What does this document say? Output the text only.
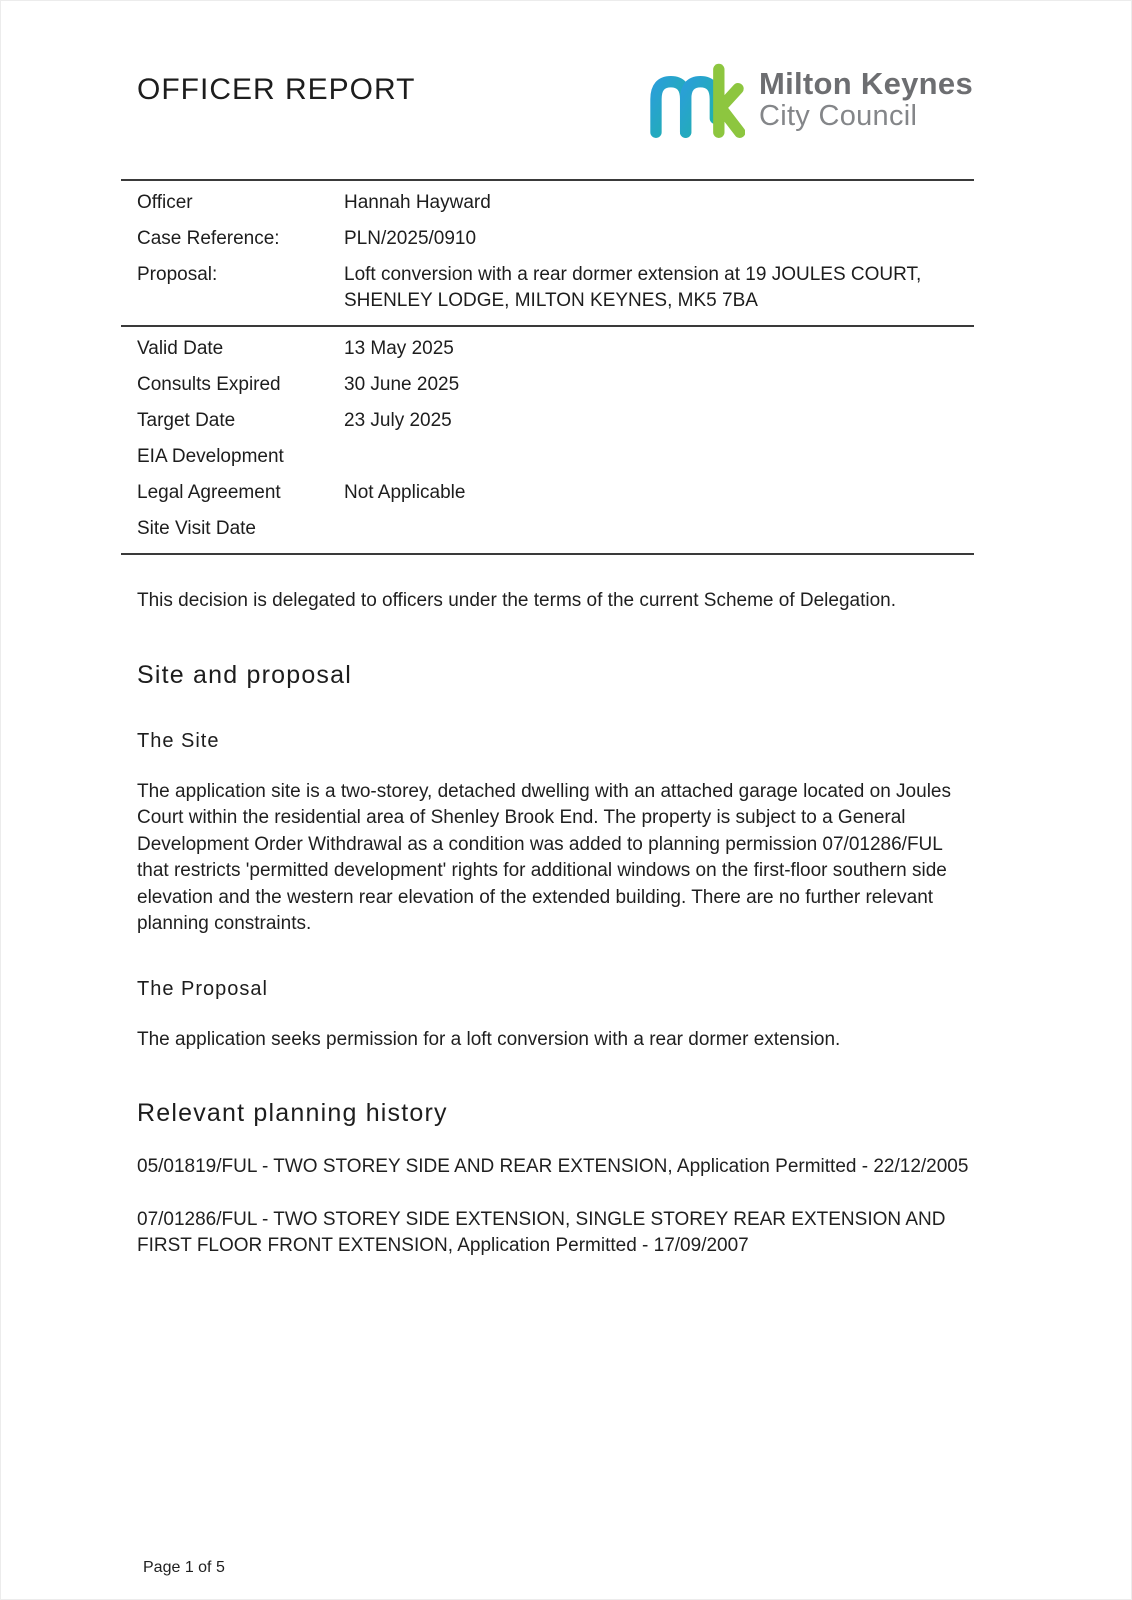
OFFICER REPORT	Milton Keynes
City Council
Officer	Hannah Hayward
Case Reference:	PLN/2025/0910
Proposal:	Loft conversion with a rear dormer extension at 19 JOULES COURT, SHENLEY LODGE, MILTON KEYNES, MK5 7BA
Valid Date	13 May 2025
Consults Expired	30 June 2025
Target Date	23 July 2025
EIA Development
Legal Agreement	Not Applicable
Site Visit Date

This decision is delegated to officers under the terms of the current Scheme of Delegation.

Site and proposal
The Site

The application site is a two-storey, detached dwelling with an attached garage located on Joules Court within the residential area of Shenley Brook End. The property is subject to a General Development Order Withdrawal as a condition was added to planning permission 07/01286/FUL that restricts 'permitted development' rights for additional windows on the first-floor southern side elevation and the western rear elevation of the extended building. There are no further relevant planning constraints.

The Proposal

The application seeks permission for a loft conversion with a rear dormer extension.

Relevant planning history

05/01819/FUL - TWO STOREY SIDE AND REAR EXTENSION, Application Permitted - 22/12/2005

07/01286/FUL - TWO STOREY SIDE EXTENSION, SINGLE STOREY REAR EXTENSION AND FIRST FLOOR FRONT EXTENSION, Application Permitted - 17/09/2007

Page 1 of 5
